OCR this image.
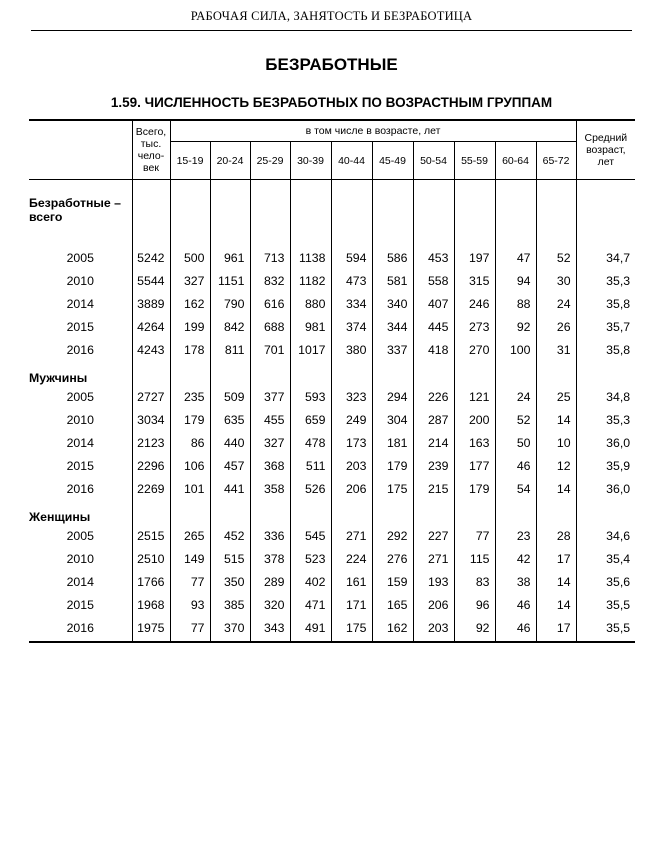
РАБОЧАЯ СИЛА, ЗАНЯТОСТЬ И БЕЗРАБОТИЦА
БЕЗРАБОТНЫЕ
1.59. ЧИСЛЕННОСТЬ БЕЗРАБОТНЫХ ПО ВОЗРАСТНЫМ ГРУППАМ
	Всего, тыс. чело-век	в том числе в возрасте, лет										Средний возраст, лет
		15-19	20-24	25-29	30-39	40-44	45-49	50-54	55-59	60-64	65-72	

Безработные – всего												

2005	5242	500	961	713	1138	594	586	453	197	47	52	34,7
2010	5544	327	1151	832	1182	473	581	558	315	94	30	35,3
2014	3889	162	790	616	880	334	340	407	246	88	24	35,8
2015	4264	199	842	688	981	374	344	445	273	92	26	35,7
2016	4243	178	811	701	1017	380	337	418	270	100	31	35,8
Мужчины												
2005	2727	235	509	377	593	323	294	226	121	24	25	34,8
2010	3034	179	635	455	659	249	304	287	200	52	14	35,3
2014	2123	86	440	327	478	173	181	214	163	50	10	36,0
2015	2296	106	457	368	511	203	179	239	177	46	12	35,9
2016	2269	101	441	358	526	206	175	215	179	54	14	36,0
Женщины												
2005	2515	265	452	336	545	271	292	227	77	23	28	34,6
2010	2510	149	515	378	523	224	276	271	115	42	17	35,4
2014	1766	77	350	289	402	161	159	193	83	38	14	35,6
2015	1968	93	385	320	471	171	165	206	96	46	14	35,5
2016	1975	77	370	343	491	175	162	203	92	46	17	35,5
